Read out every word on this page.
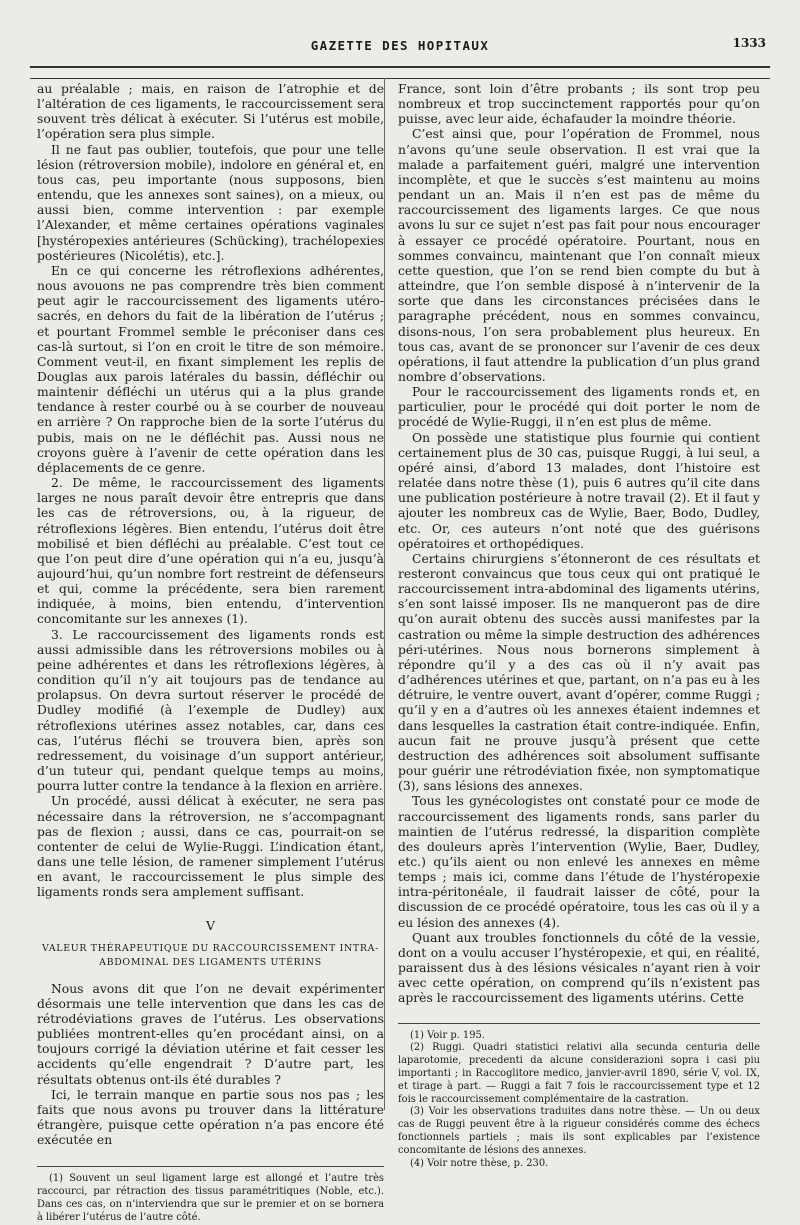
GAZETTE DES HOPITAUX	1333

au préalable ; mais, en raison de l’atrophie et de l’altération de ces ligaments, le raccourcissement sera souvent très délicat à exécuter. Si l’utérus est mobile, l’opération sera plus simple.

Il ne faut pas oublier, toutefois, que pour une telle lésion (rétroversion mobile), indolore en général et, en tous cas, peu importante (nous supposons, bien entendu, que les annexes sont saines), on a mieux, ou aussi bien, comme intervention : par exemple l’Alexander, et même certaines opérations vaginales [hystéropexies antérieures (Schücking), trachélopexies postérieures (Nicolétis), etc.].

En ce qui concerne les rétroflexions adhérentes, nous avouons ne pas comprendre très bien comment peut agir le raccourcissement des ligaments utéro-sacrés, en dehors du fait de la libération de l’utérus ; et pourtant Frommel semble le préconiser dans ces cas-là surtout, si l’on en croit le titre de son mémoire. Comment veut-il, en fixant simplement les replis de Douglas aux parois latérales du bassin, défléchir ou maintenir défléchi un utérus qui a la plus grande tendance à rester courbé ou à se courber de nouveau en arrière ? On rapproche bien de la sorte l’utérus du pubis, mais on ne le défléchit pas. Aussi nous ne croyons guère à l’avenir de cette opération dans les déplacements de ce genre.

2. De même, le raccourcissement des ligaments larges ne nous paraît devoir être entrepris que dans les cas de rétroversions, ou, à la rigueur, de rétroflexions légères. Bien entendu, l’utérus doit être mobilisé et bien défléchi au préalable. C’est tout ce que l’on peut dire d’une opération qui n’a eu, jusqu’à aujourd’hui, qu’un nombre fort restreint de défenseurs et qui, comme la précédente, sera bien rarement indiquée, à moins, bien entendu, d’intervention concomitante sur les annexes (1).

3. Le raccourcissement des ligaments ronds est aussi admissible dans les rétroversions mobiles ou à peine adhérentes et dans les rétroflexions légères, à condition qu’il n’y ait toujours pas de tendance au prolapsus. On devra surtout réserver le procédé de Dudley modifié (à l’exemple de Dudley) aux rétroflexions utérines assez notables, car, dans ces cas, l’utérus fléchi se trouvera bien, après son redressement, du voisinage d’un support antérieur, d’un tuteur qui, pendant quelque temps au moins, pourra lutter contre la tendance à la flexion en arrière.

Un procédé, aussi délicat à exécuter, ne sera pas nécessaire dans la rétroversion, ne s’accompagnant pas de flexion ; aussi, dans ce cas, pourrait-on se contenter de celui de Wylie-Ruggi. L’indication étant, dans une telle lésion, de ramener simplement l’utérus en avant, le raccourcissement le plus simple des ligaments ronds sera amplement suffisant.

V
VALEUR THÉRAPEUTIQUE DU RACCOURCISSEMENT INTRA-ABDOMINAL DES LIGAMENTS UTÉRINS

Nous avons dit que l’on ne devait expérimenter désormais une telle intervention que dans les cas de rétrodéviations graves de l’utérus. Les observations publiées montrent-elles qu’en procédant ainsi, on a toujours corrigé la déviation utérine et fait cesser les accidents qu’elle engendrait ? D’autre part, les résultats obtenus ont-ils été durables ?

Ici, le terrain manque en partie sous nos pas ; les faits que nous avons pu trouver dans la littérature étrangère, puisque cette opération n’a pas encore été exécutée en

(1) Souvent un seul ligament large est allongé et l’autre très raccourci, par rétraction des tissus paramétritiques (Noble, etc.). Dans ces cas, on n’interviendra que sur le premier et on se bornera à libérer l’utérus de l’autre côté.

France, sont loin d’être probants ; ils sont trop peu nombreux et trop succinctement rapportés pour qu’on puisse, avec leur aide, échafauder la moindre théorie.

C’est ainsi que, pour l’opération de Frommel, nous n’avons qu’une seule observation. Il est vrai que la malade a parfaitement guéri, malgré une intervention incomplète, et que le succès s’est maintenu au moins pendant un an. Mais il n’en est pas de même du raccourcissement des ligaments larges. Ce que nous avons lu sur ce sujet n’est pas fait pour nous encourager à essayer ce procédé opératoire. Pourtant, nous en sommes convaincu, maintenant que l’on connaît mieux cette question, que l’on se rend bien compte du but à atteindre, que l’on semble disposé à n’intervenir de la sorte que dans les circonstances précisées dans le paragraphe précédent, nous en sommes convaincu, disons-nous, l’on sera probablement plus heureux. En tous cas, avant de se prononcer sur l’avenir de ces deux opérations, il faut attendre la publication d’un plus grand nombre d’observations.

Pour le raccourcissement des ligaments ronds et, en particulier, pour le procédé qui doit porter le nom de procédé de Wylie-Ruggi, il n’en est plus de même.

On possède une statistique plus fournie qui contient certainement plus de 30 cas, puisque Ruggi, à lui seul, a opéré ainsi, d’abord 13 malades, dont l’histoire est relatée dans notre thèse (1), puis 6 autres qu’il cite dans une publication postérieure à notre travail (2). Et il faut y ajouter les nombreux cas de Wylie, Baer, Bodo, Dudley, etc. Or, ces auteurs n’ont noté que des guérisons opératoires et orthopédiques.

Certains chirurgiens s’étonneront de ces résultats et resteront convaincus que tous ceux qui ont pratiqué le raccourcissement intra-abdominal des ligaments utérins, s’en sont laissé imposer. Ils ne manqueront pas de dire qu’on aurait obtenu des succès aussi manifestes par la castration ou même la simple destruction des adhérences péri-utérines. Nous nous bornerons simplement à répondre qu’il y a des cas où il n’y avait pas d’adhérences utérines et que, partant, on n’a pas eu à les détruire, le ventre ouvert, avant d’opérer, comme Ruggi ; qu’il y en a d’autres où les annexes étaient indemnes et dans lesquelles la castration était contre-indiquée. Enfin, aucun fait ne prouve jusqu’à présent que cette destruction des adhérences soit absolument suffisante pour guérir une rétrodéviation fixée, non symptomatique (3), sans lésions des annexes.

Tous les gynécologistes ont constaté pour ce mode de raccourcissement des ligaments ronds, sans parler du maintien de l’utérus redressé, la disparition complète des douleurs après l’intervention (Wylie, Baer, Dudley, etc.) qu’ils aient ou non enlevé les annexes en même temps ; mais ici, comme dans l’étude de l’hystéropexie intra-péritonéale, il faudrait laisser de côté, pour la discussion de ce procédé opératoire, tous les cas où il y a eu lésion des annexes (4).

Quant aux troubles fonctionnels du côté de la vessie, dont on a voulu accuser l’hystéropexie, et qui, en réalité, paraissent dus à des lésions vésicales n’ayant rien à voir avec cette opération, on comprend qu’ils n’existent pas après le raccourcissement des ligaments utérins. Cette

(1) Voir p. 195.

(2) Ruggi. Quadri statistici relativi alla secunda centuria delle laparotomie, precedenti da alcune considerazioni sopra i casi piu importanti ; in Raccoglitore medico, janvier-avril 1890, série V, vol. IX, et tirage à part. — Ruggi a fait 7 fois le raccourcissement type et 12 fois le raccourcissement complémentaire de la castration.

(3) Voir les observations traduites dans notre thèse. — Un ou deux cas de Ruggi peuvent être à la rigueur considérés comme des échecs fonctionnels partiels ; mais ils sont explicables par l’existence concomitante de lésions des annexes.

(4) Voir notre thèse, p. 230.
